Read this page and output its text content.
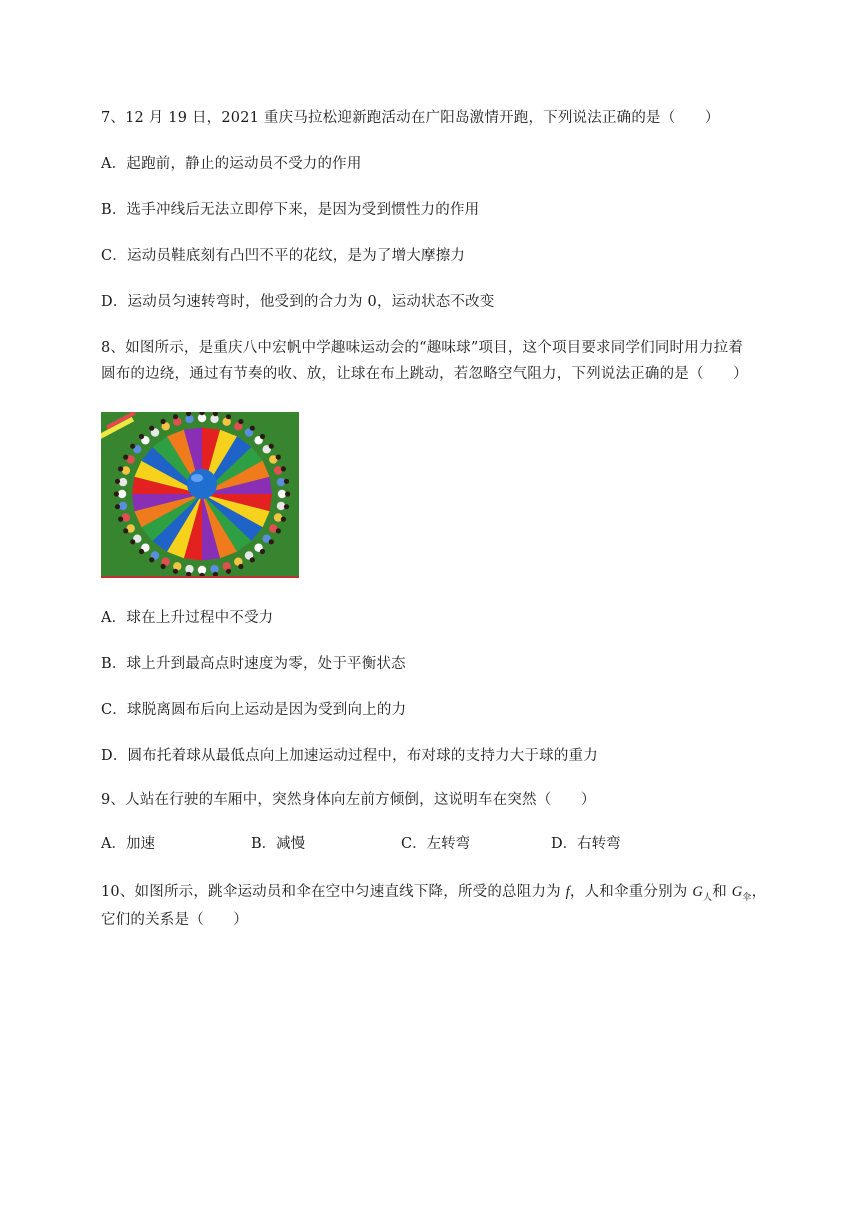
7、12 月 19 日，2021 重庆马拉松迎新跑活动在广阳岛激情开跑，下列说法正确的是（　　）
A．起跑前，静止的运动员不受力的作用
B．选手冲线后无法立即停下来，是因为受到惯性力的作用
C．运动员鞋底刻有凸凹不平的花纹，是为了增大摩擦力
D．运动员匀速转弯时，他受到的合力为 0，运动状态不改变
8、如图所示，是重庆八中宏帆中学趣味运动会的“趣味球”项目，这个项目要求同学们同时用力拉着
圆布的边绕，通过有节奏的收、放，让球在布上跳动，若忽略空气阻力，下列说法正确的是（　　）
A．球在上升过程中不受力
B．球上升到最高点时速度为零，处于平衡状态
C．球脱离圆布后向上运动是因为受到向上的力
D．圆布托着球从最低点向上加速运动过程中，布对球的支持力大于球的重力
9、人站在行驶的车厢中，突然身体向左前方倾倒，这说明车在突然（　　）
A．加速	B．减慢	C．左转弯	D．右转弯
10、如图所示，跳伞运动员和伞在空中匀速直线下降，所受的总阻力为 f，人和伞重分别为 $G_人$和 $G_伞$，
它们的关系是（　　）
